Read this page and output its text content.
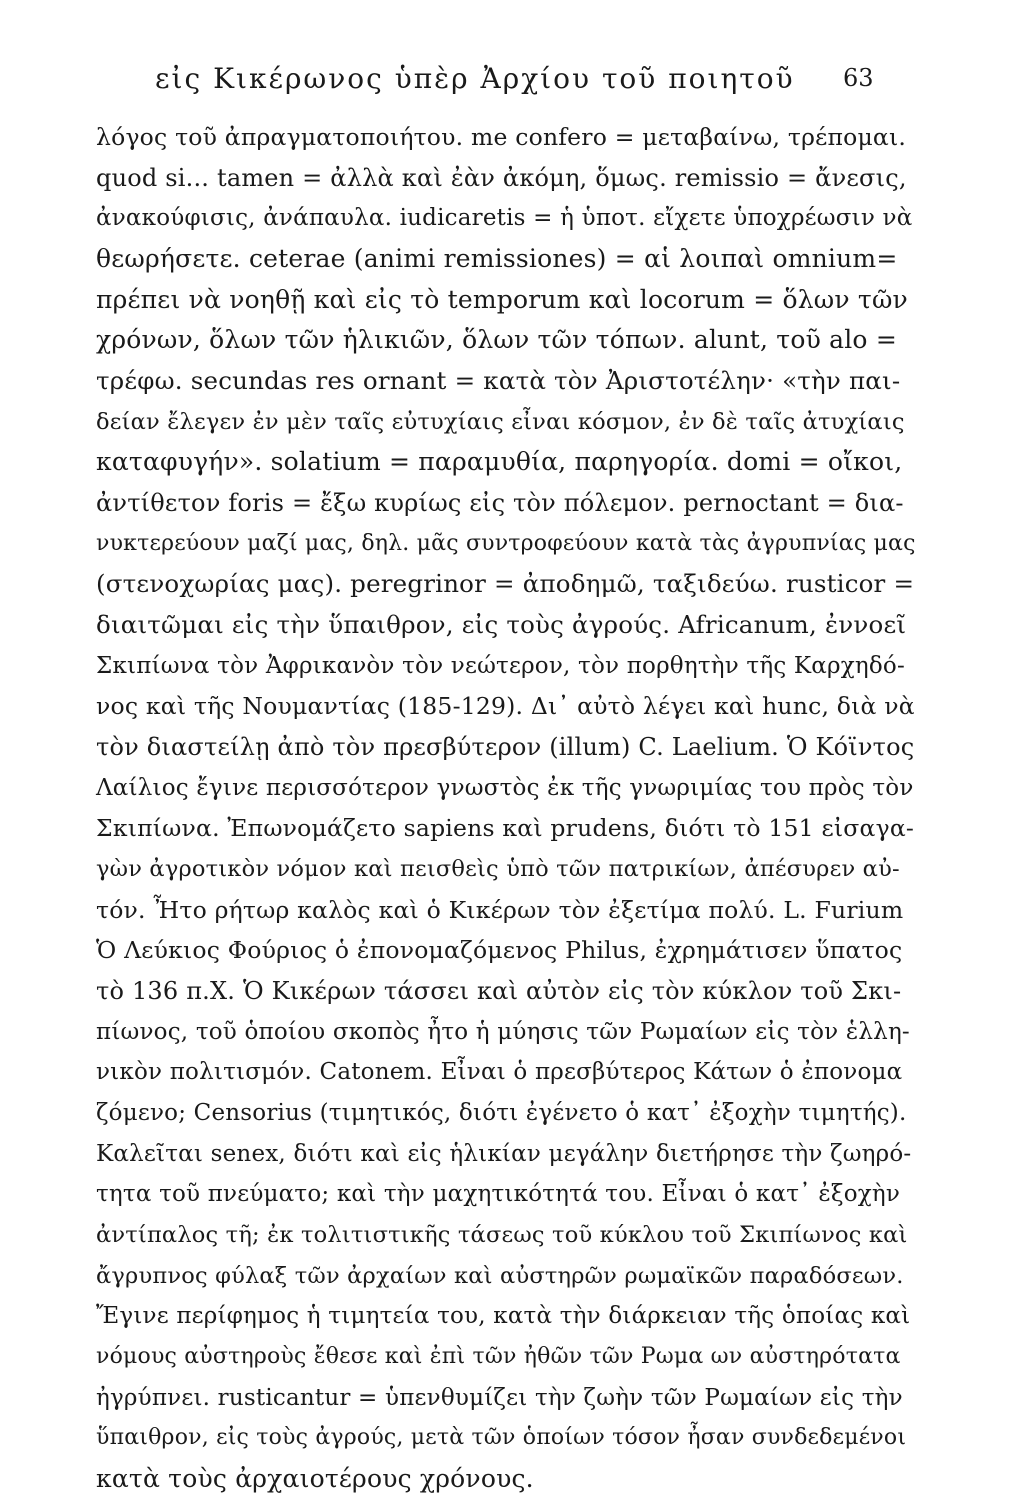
εἰς Κικέρωνος ὑπὲρ Ἀρχίου τοῦ ποιητοῦ 63
λόγος τοῦ ἀπραγματοποιήτου. me confero = μεταβαίνω, τρέπομαι.
quod si... tamen = ἀλλὰ καὶ ἐὰν ἀκόμη, ὅμως. remissio = ἄνεσις,
ἀνακούφισις, ἀνάπαυλα. iudicaretis = ἡ ὑποτ. εἴχετε ὑποχρέωσιν νὰ
θεωρήσετε. ceterae (animi remissiones) = αἱ λοιπαὶ omnium=
πρέπει νὰ νοηθῇ καὶ εἰς τὸ temporum καὶ locorum = ὅλων τῶν
χρόνων, ὅλων τῶν ἡλικιῶν, ὅλων τῶν τόπων. alunt, τοῦ alo =
τρέφω. secundas res ornant = κατὰ τὸν Ἀριστοτέλην· «τὴν παι-
δείαν ἔλεγεν ἐν μὲν ταῖς εὐτυχίαις εἶναι κόσμον, ἐν δὲ ταῖς ἀτυχίαις
καταφυγήν». solatium = παραμυθία, παρηγορία. domi = οἴκοι,
ἀντίθετον foris = ἔξω κυρίως εἰς τὸν πόλεμον. pernoctant = δια-
νυκτερεύουν μαζί μας, δηλ. μᾶς συντροφεύουν κατὰ τὰς ἀγρυπνίας μας
(στενοχωρίας μας). peregrinor = ἀποδημῶ, ταξιδεύω. rusticor =
διαιτῶμαι εἰς τὴν ὕπαιθρον, εἰς τοὺς ἀγρούς. Africanum, ἐννοεῖ
Σκιπίωνα τὸν Ἀφρικανὸν τὸν νεώτερον, τὸν πορθητὴν τῆς Καρχηδό-
νος καὶ τῆς Νουμαντίας (185-129). Δι᾽ αὐτὸ λέγει καὶ hunc, διὰ νὰ
τὸν διαστείλῃ ἀπὸ τὸν πρεσβύτερον (illum) C. Laelium. Ὁ Κόϊντος
Λαίλιος ἔγινε περισσότερον γνωστὸς ἐκ τῆς γνωριμίας του πρὸς τὸν
Σκιπίωνα. Ἐπωνομάζετο sapiens καὶ prudens, διότι τὸ 151 εἰσαγα-
γὼν ἀγροτικὸν νόμον καὶ πεισθεὶς ὑπὸ τῶν πατρικίων, ἀπέσυρεν αὐ-
τόν. Ἦτο ρήτωρ καλὸς καὶ ὁ Κικέρων τὸν ἐξετίμα πολύ. L. Furium
Ὁ Λεύκιος Φούριος ὁ ἐπονομαζόμενος Philus, ἐχρημάτισεν ὕπατος
τὸ 136 π.Χ. Ὁ Κικέρων τάσσει καὶ αὐτὸν εἰς τὸν κύκλον τοῦ Σκι-
πίωνος, τοῦ ὁποίου σκοπὸς ἦτο ἡ μύησις τῶν Ρωμαίων εἰς τὸν ἑλλη-
νικὸν πολιτισμόν. Catonem. Εἶναι ὁ πρεσβύτερος Κάτων ὁ ἐπονομα
ζόμενο; Censorius (τιμητικός, διότι ἐγένετο ὁ κατ᾽ ἐξοχὴν τιμητής).
Καλεῖται senex, διότι καὶ εἰς ἡλικίαν μεγάλην διετήρησε τὴν ζωηρό-
τητα τοῦ πνεύματο; καὶ τὴν μαχητικότητά του. Εἶναι ὁ κατ᾽ ἐξοχὴν
ἀντίπαλος τῆ; ἐκ τολιτιστικῆς τάσεως τοῦ κύκλου τοῦ Σκιπίωνος καὶ
ἄγρυπνος φύλαξ τῶν ἀρχαίων καὶ αὐστηρῶν ρωμαϊκῶν παραδόσεων.
Ἔγινε περίφημος ἡ τιμητεία του, κατὰ τὴν διάρκειαν τῆς ὁποίας καὶ
νόμους αὐστηροὺς ἔθεσε καὶ ἐπὶ τῶν ἠθῶν τῶν Ρωμα ων αὐστηρότατα
ἠγρύπνει. rusticantur = ὑπενθυμίζει τὴν ζωὴν τῶν Ρωμαίων εἰς τὴν
ὕπαιθρον, εἰς τοὺς ἀγρούς, μετὰ τῶν ὁποίων τόσον ἦσαν συνδεδεμένοι
κατὰ τοὺς ἀρχαιοτέρους χρόνους.
